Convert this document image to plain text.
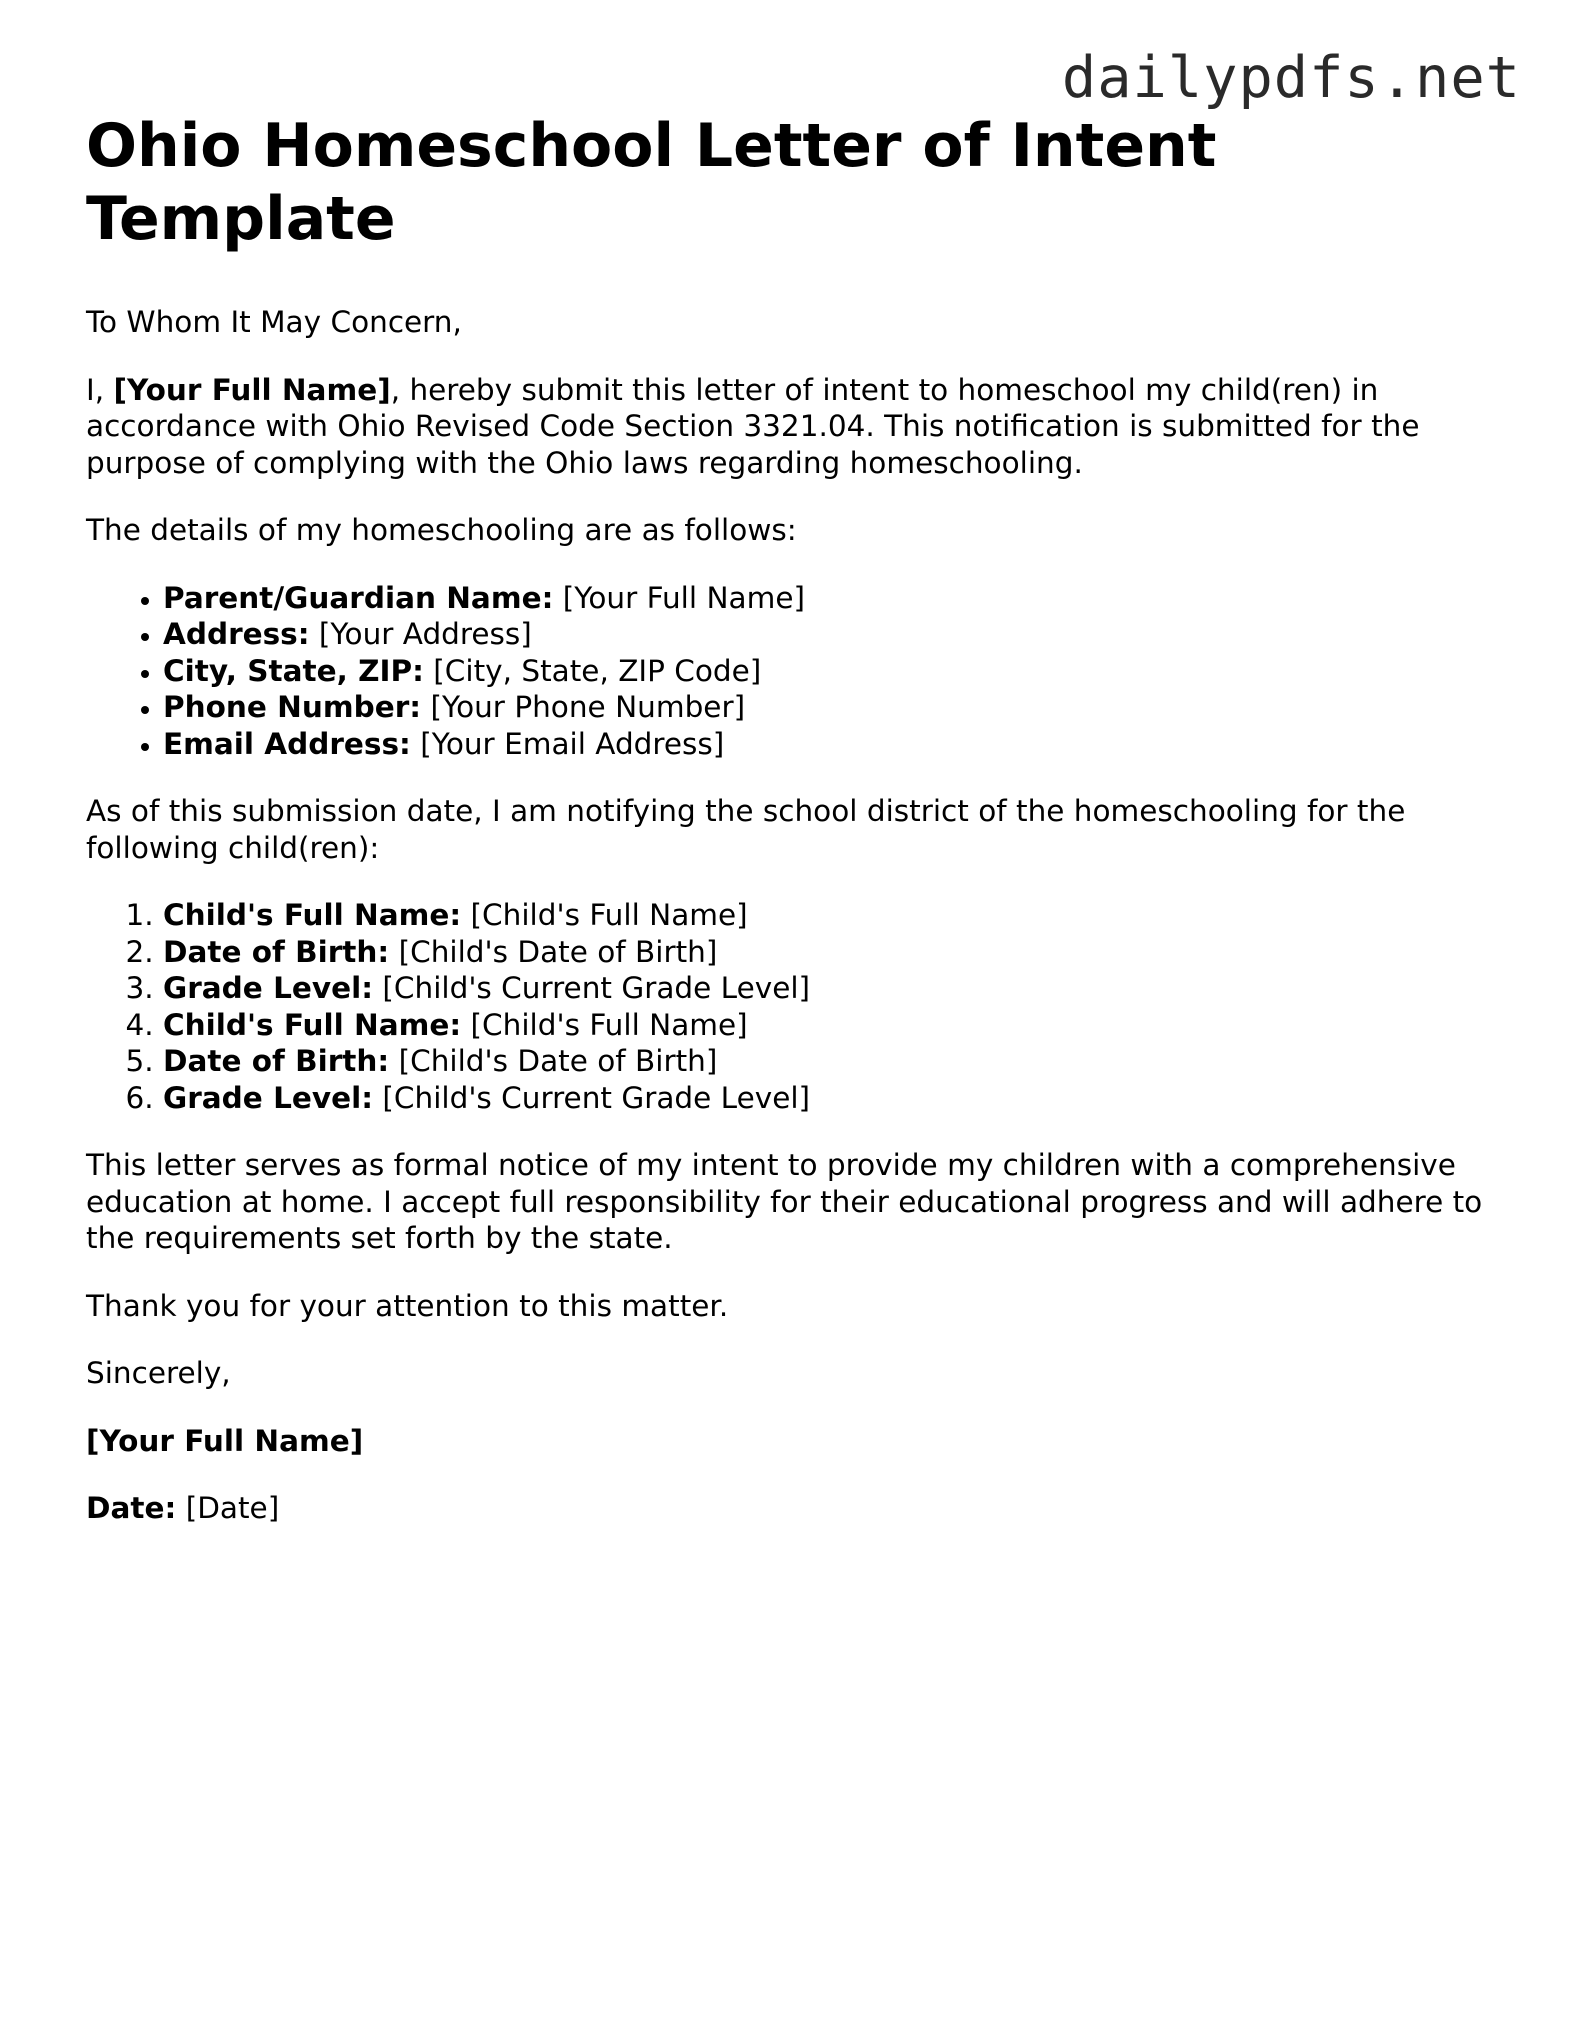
dailypdfs.net
Ohio Homeschool Letter of Intent Template

To Whom It May Concern,

I, [Your Full Name], hereby submit this letter of intent to homeschool my child(ren) in accordance with Ohio Revised Code Section 3321.04. This notification is submitted for the purpose of complying with the Ohio laws regarding homeschooling.

The details of my homeschooling are as follows:

• Parent/Guardian Name: [Your Full Name]
• Address: [Your Address]
• City, State, ZIP: [City, State, ZIP Code]
• Phone Number: [Your Phone Number]
• Email Address: [Your Email Address]

As of this submission date, I am notifying the school district of the homeschooling for the following child(ren):

1. Child's Full Name: [Child's Full Name]
2. Date of Birth: [Child's Date of Birth]
3. Grade Level: [Child's Current Grade Level]
4. Child's Full Name: [Child's Full Name]
5. Date of Birth: [Child's Date of Birth]
6. Grade Level: [Child's Current Grade Level]

This letter serves as formal notice of my intent to provide my children with a comprehensive education at home. I accept full responsibility for their educational progress and will adhere to the requirements set forth by the state.

Thank you for your attention to this matter.

Sincerely,

[Your Full Name]

Date: [Date]
